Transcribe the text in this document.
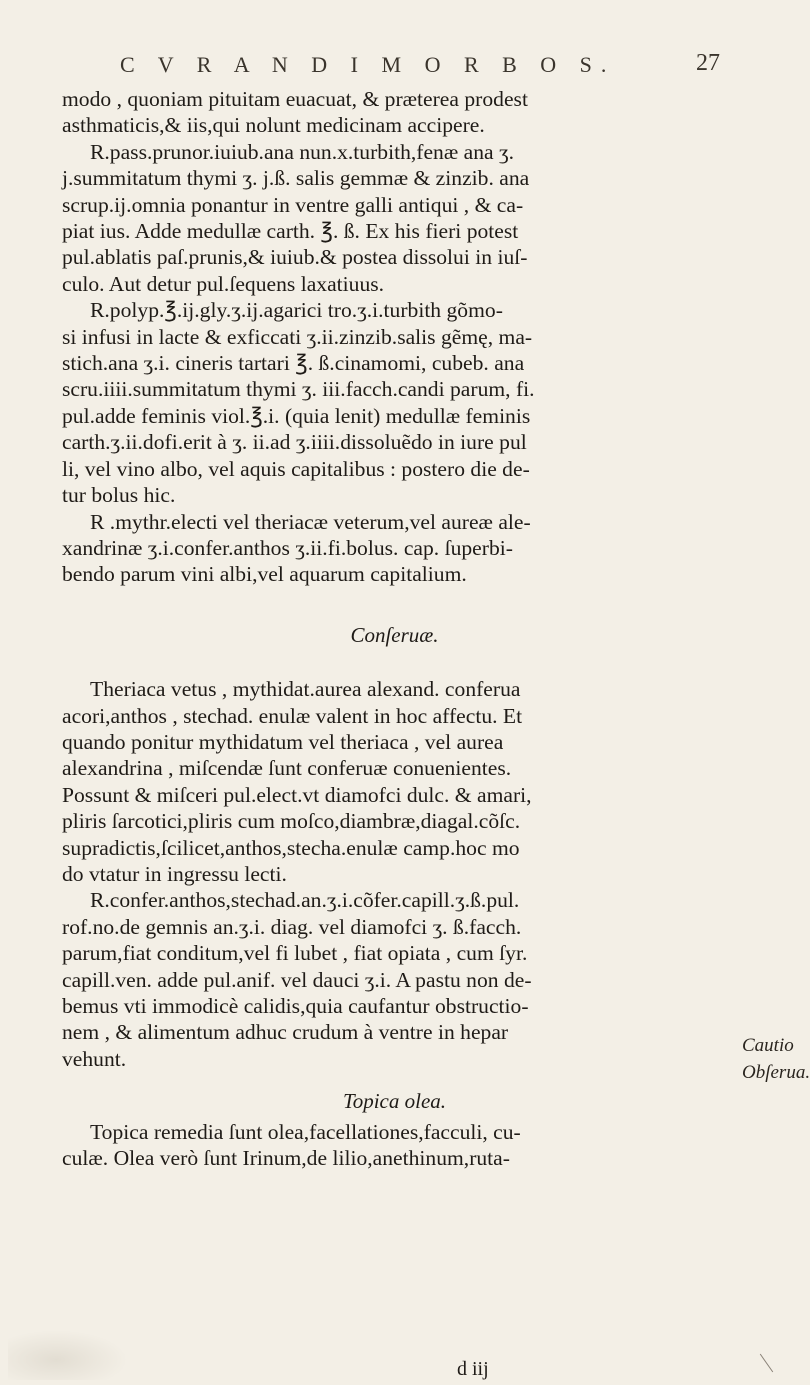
C V R A N D I M O R B O S.	27

modo , quoniam pituitam euacuat, & præterea prodest
asthmaticis,& iis,qui nolunt medicinam accipere.

R.pass.prunor.iuiub.ana nun.x.turbith,fenæ ana ʒ.
j.summitatum thymi ʒ. j.ß. salis gemmæ & zinzib. ana
scrup.ij.omnia ponantur in ventre galli antiqui , & ca-
piat ius. Adde medullæ carth. ℥. ß. Ex his fieri potest
pul.ablatis paſ.prunis,& iuiub.& postea dissolui in iuſ-
culo. Aut detur pul.ſequens laxatiuus.

R.polyp.℥.ij.gly.ʒ.ij.agarici tro.ʒ.i.turbith gõmo-
si infusi in lacte & exficcati ʒ.ii.zinzib.salis gẽmę, ma-
stich.ana ʒ.i. cineris tartari ℥. ß.cinamomi, cubeb. ana
scru.iiii.summitatum thymi ʒ. iii.facch.candi parum, fi.
pul.adde feminis viol.℥.i. (quia lenit) medullæ feminis
carth.ʒ.ii.dofi.erit à ʒ. ii.ad ʒ.iiii.dissoluẽdo in iure pul
li, vel vino albo, vel aquis capitalibus : postero die de-
tur bolus hic.

R .mythr.electi vel theriacæ veterum,vel aureæ ale-
xandrinæ ʒ.i.confer.anthos ʒ.ii.fi.bolus. cap. ſuperbi-
bendo parum vini albi,vel aquarum capitalium.

Conſeruæ.

Theriaca vetus , mythidat.aurea alexand. conferua
acori,anthos , stechad. enulæ valent in hoc affectu. Et
quando ponitur mythidatum vel theriaca , vel aurea
alexandrina , miſcendæ ſunt conferuæ conuenientes.
Possunt & miſceri pul.elect.vt diamofci dulc. & amari,
pliris ſarcotici,pliris cum moſco,diambræ,diagal.cõſc.
supradictis,ſcilicet,anthos,stecha.enulæ camp.hoc mo
do vtatur in ingressu lecti.

R.confer.anthos,stechad.an.ʒ.i.cõfer.capill.ʒ.ß.pul.
rof.no.de gemnis an.ʒ.i. diag. vel diamofci ʒ. ß.facch.
parum,fiat conditum,vel fi lubet , fiat opiata , cum ſyr.
capill.ven. adde pul.anif. vel dauci ʒ.i. A pastu non de-
bemus vti immodicè calidis,quia caufantur obstructio-
nem , & alimentum adhuc crudum à ventre in hepar
vehunt.

Topica olea.

Topica remedia ſunt olea,facellationes,facculi, cu-
culæ. Olea verò ſunt Irinum,de lilio,anethinum,ruta-

Cautio
Obſerua.
d iij
